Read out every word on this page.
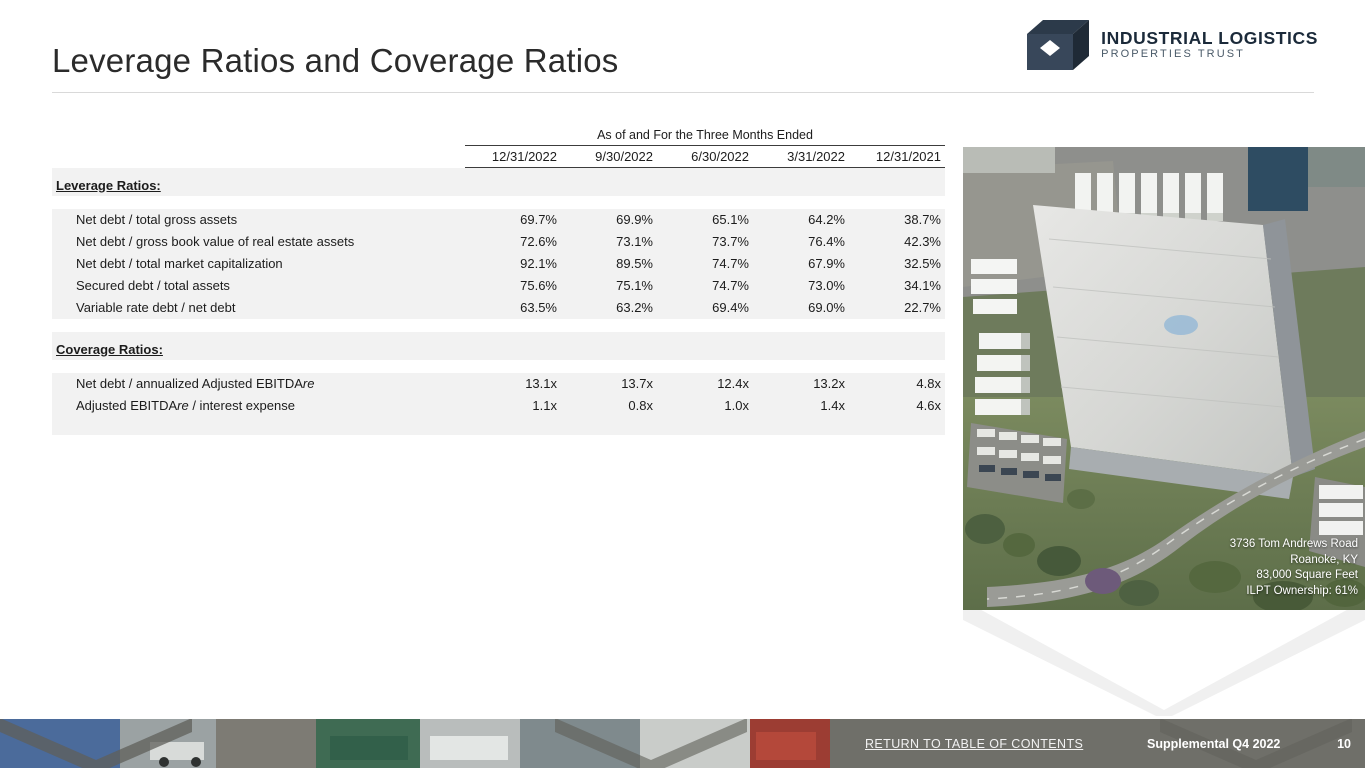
Leverage Ratios and Coverage Ratios
INDUSTRIAL LOGISTICS
PROPERTIES TRUST
	As of and For the Three Months Ended				
	12/31/2022	9/30/2022	6/30/2022	3/31/2022	12/31/2021
Leverage Ratios:					

Net debt / total gross assets	69.7%	69.9%	65.1%	64.2%	38.7%
Net debt / gross book value of real estate assets	72.6%	73.1%	73.7%	76.4%	42.3%
Net debt / total market capitalization	92.1%	89.5%	74.7%	67.9%	32.5%
Secured debt / total assets	75.6%	75.1%	74.7%	73.0%	34.1%
Variable rate debt / net debt	63.5%	63.2%	69.4%	69.0%	22.7%

Coverage Ratios:					

Net debt / annualized Adjusted EBITDAre	13.1x	13.7x	12.4x	13.2x	4.8x
Adjusted EBITDAre / interest expense	1.1x	0.8x	1.0x	1.4x	4.6x

3736 Tom Andrews Road
Roanoke, KY
83,000 Square Feet
ILPT Ownership: 61%
RETURN TO TABLE OF CONTENTS	Supplemental Q4 2022	10
